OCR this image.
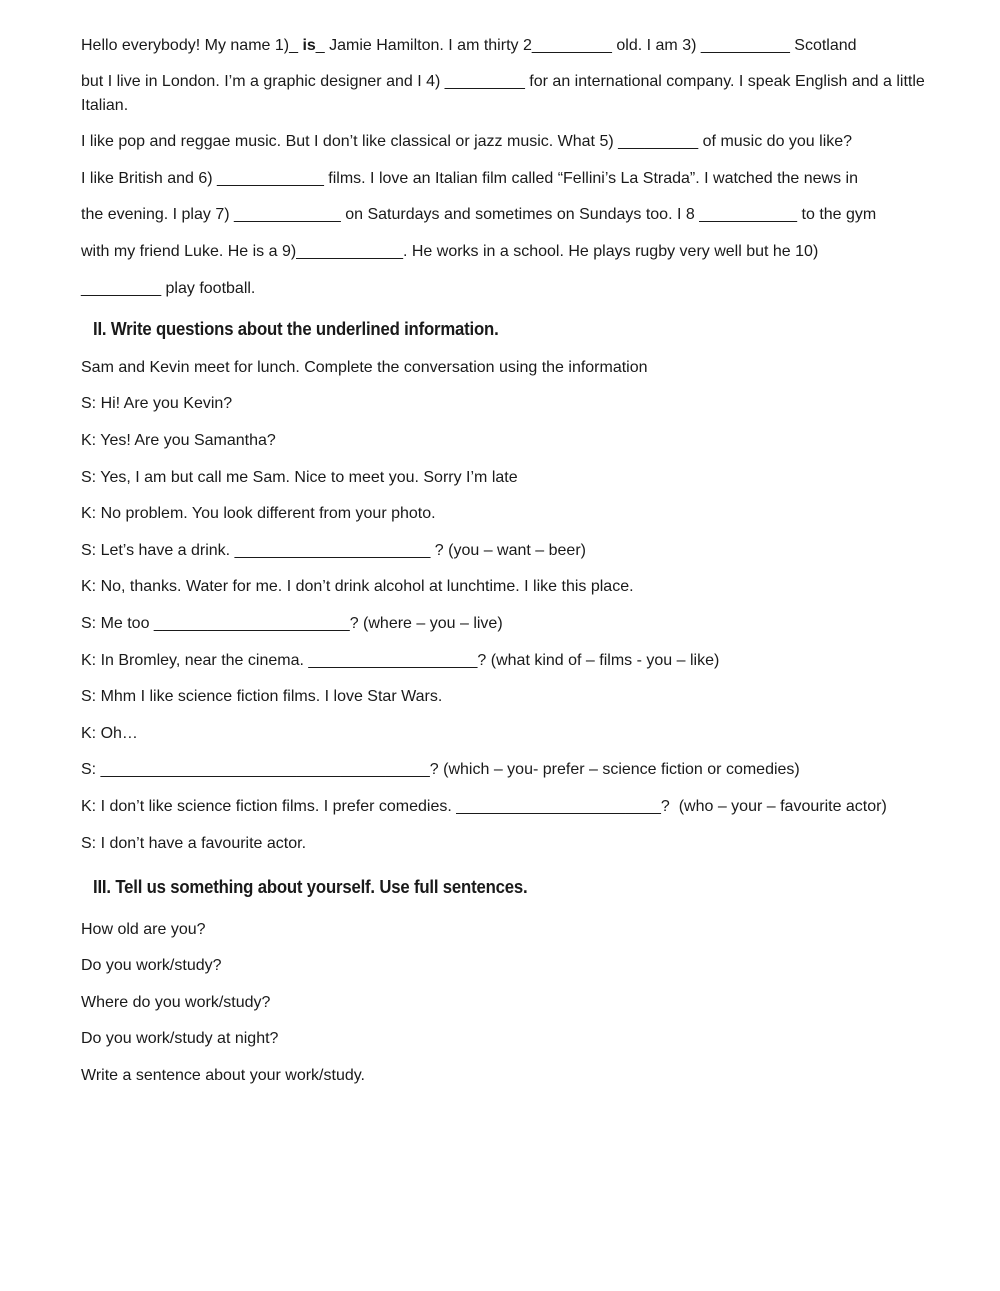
Hello everybody! My name 1)_ is_ Jamie Hamilton. I am thirty 2_________ old. I am 3) __________ Scotland
but I live in London. I’m a graphic designer and I 4) _________ for an international company. I speak English and a little
Italian.
I like pop and reggae music. But I don’t like classical or jazz music. What 5) _________ of music do you like?
I like British and 6) ____________ films. I love an Italian film called “Fellini’s La Strada”. I watched the news in
the evening. I play 7) ____________ on Saturdays and sometimes on Sundays too. I 8 ___________ to the gym
with my friend Luke. He is a 9)____________. He works in a school. He plays rugby very well but he 10)
_________ play football.
II. Write questions about the underlined information.
Sam and Kevin meet for lunch. Complete the conversation using the information
S: Hi! Are you Kevin?
K: Yes! Are you Samantha?
S: Yes, I am but call me Sam. Nice to meet you. Sorry I’m late
K: No problem. You look different from your photo.
S: Let’s have a drink. ______________________ ? (you – want – beer)
K: No, thanks. Water for me. I don’t drink alcohol at lunchtime. I like this place.
S: Me too ______________________? (where – you – live)
K: In Bromley, near the cinema. ___________________? (what kind of – films - you – like)
S: Mhm I like science fiction films. I love Star Wars.
K: Oh…
S: _____________________________________? (which – you- prefer – science fiction or comedies)
K: I don’t like science fiction films. I prefer comedies. _______________________?  (who – your – favourite actor)
S: I don’t have a favourite actor.
III. Tell us something about yourself. Use full sentences.
How old are you?
Do you work/study?
Where do you work/study?
Do you work/study at night?
Write a sentence about your work/study.
